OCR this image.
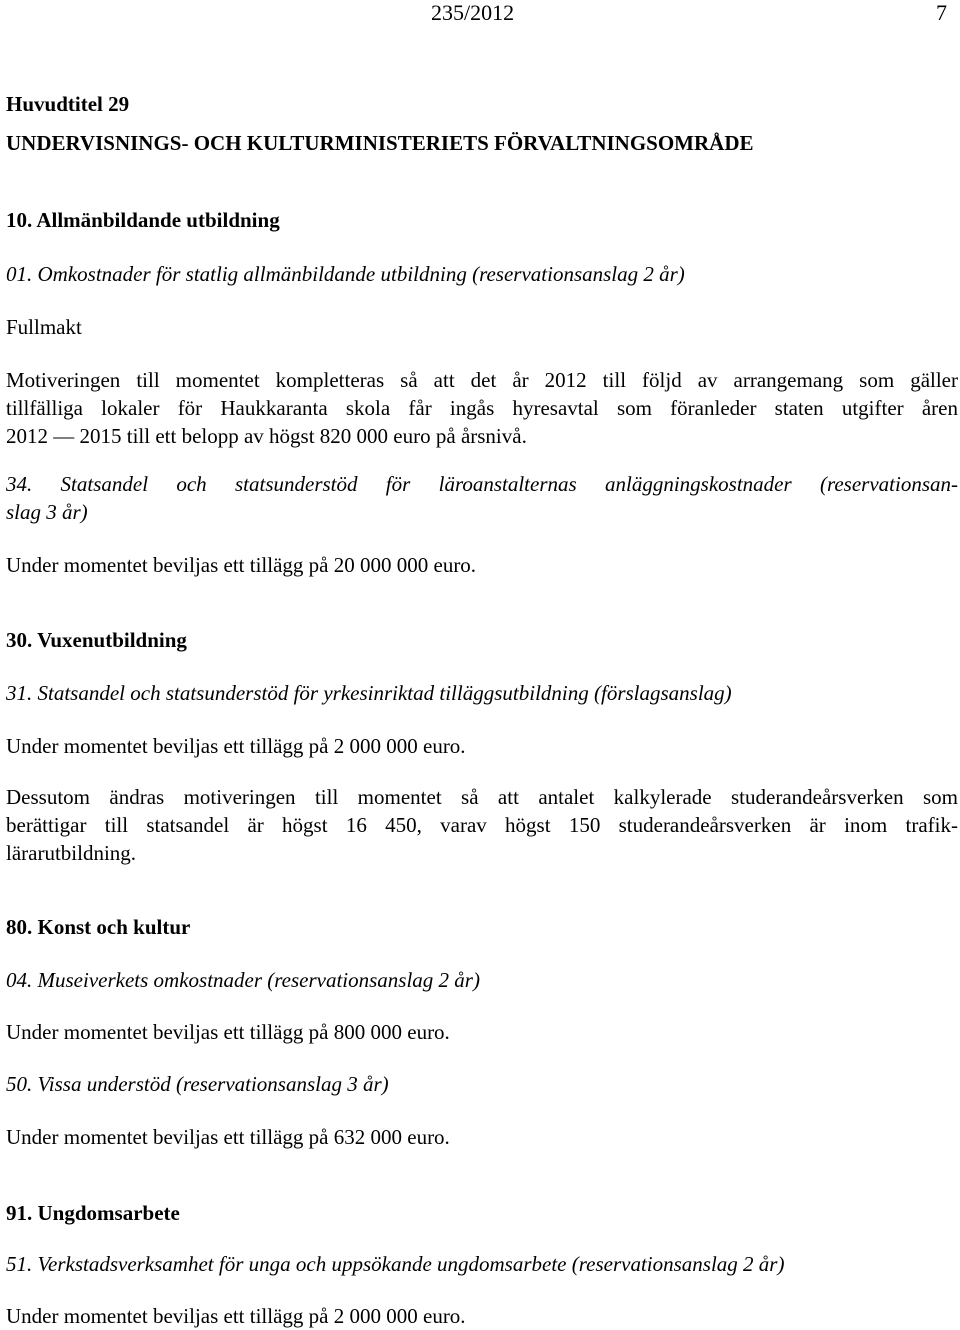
235/2012	7
Huvudtitel 29
UNDERVISNINGS- OCH KULTURMINISTERIETS FÖRVALTNINGSOMRÅDE
10. Allmänbildande utbildning
01. Omkostnader för statlig allmänbildande utbildning (reservationsanslag 2 år)
Fullmakt
Motiveringen till momentet kompletteras så att det år 2012 till följd av arrangemang som gäller
tillfälliga lokaler för Haukkaranta skola får ingås hyresavtal som föranleder staten utgifter åren
2012 — 2015 till ett belopp av högst 820 000 euro på årsnivå.
34. Statsandel och statsunderstöd för läroanstalternas anläggningskostnader (reservationsan-
slag 3 år)
Under momentet beviljas ett tillägg på 20 000 000 euro.
30. Vuxenutbildning
31. Statsandel och statsunderstöd för yrkesinriktad tilläggsutbildning (förslagsanslag)
Under momentet beviljas ett tillägg på 2 000 000 euro.
Dessutom ändras motiveringen till momentet så att antalet kalkylerade studerandeårsverken som
berättigar till statsandel är högst 16 450, varav högst 150 studerandeårsverken är inom trafik-
lärarutbildning.
80. Konst och kultur
04. Museiverkets omkostnader (reservationsanslag 2 år)
Under momentet beviljas ett tillägg på 800 000 euro.
50. Vissa understöd (reservationsanslag 3 år)
Under momentet beviljas ett tillägg på 632 000 euro.
91. Ungdomsarbete
51. Verkstadsverksamhet för unga och uppsökande ungdomsarbete (reservationsanslag 2 år)
Under momentet beviljas ett tillägg på 2 000 000 euro.
